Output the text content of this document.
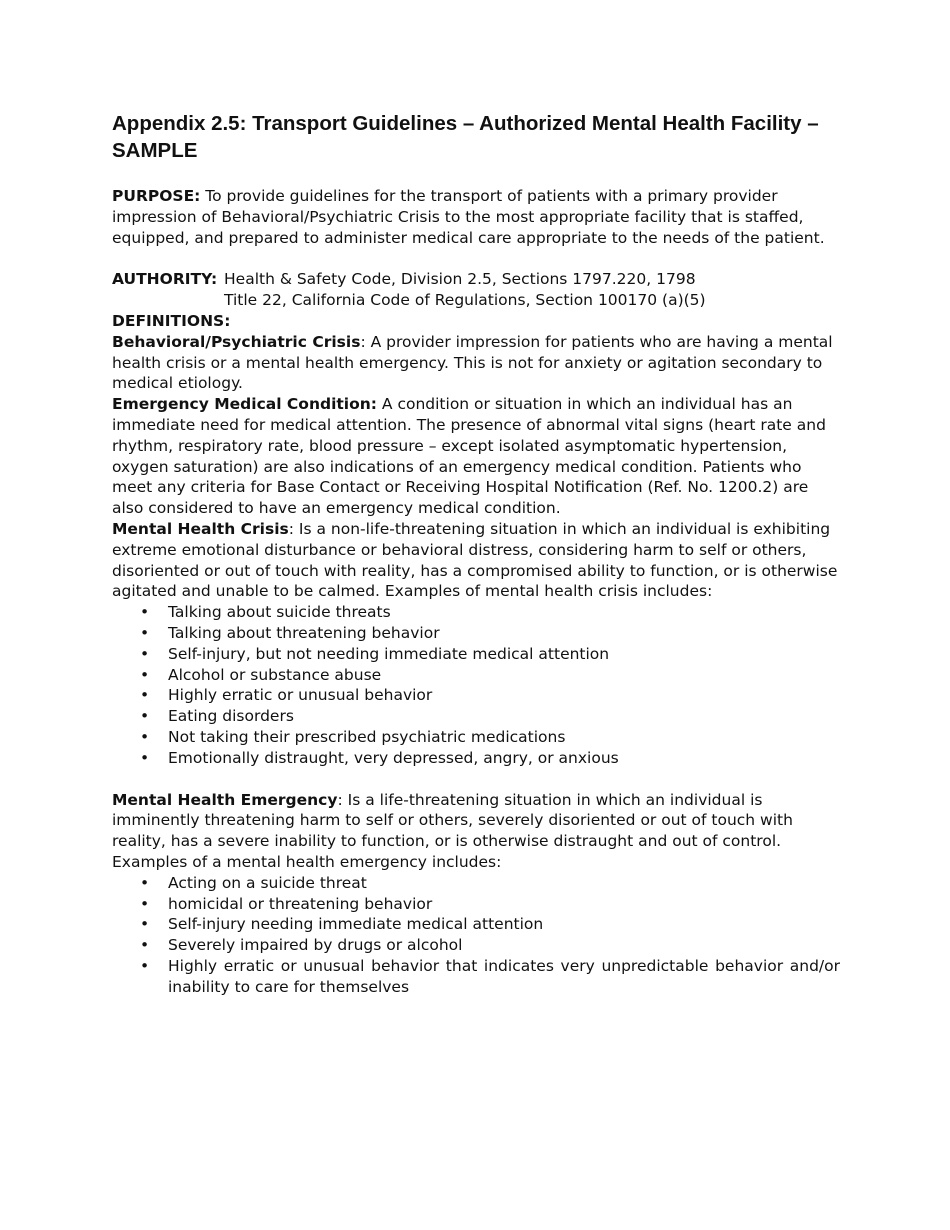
Appendix 2.5: Transport Guidelines – Authorized Mental Health Facility – SAMPLE

PURPOSE: To provide guidelines for the transport of patients with a primary provider impression of Behavioral/Psychiatric Crisis to the most appropriate facility that is staffed, equipped, and prepared to administer medical care appropriate to the needs of the patient.

AUTHORITY: Health & Safety Code, Division 2.5, Sections 1797.220, 1798
Title 22, California Code of Regulations, Section 100170 (a)(5)
DEFINITIONS:

Behavioral/Psychiatric Crisis: A provider impression for patients who are having a mental health crisis or a mental health emergency. This is not for anxiety or agitation secondary to medical etiology.

Emergency Medical Condition: A condition or situation in which an individual has an immediate need for medical attention. The presence of abnormal vital signs (heart rate and rhythm, respiratory rate, blood pressure – except isolated asymptomatic hypertension, oxygen saturation) are also indications of an emergency medical condition. Patients who meet any criteria for Base Contact or Receiving Hospital Notification (Ref. No. 1200.2) are also considered to have an emergency medical condition.

Mental Health Crisis: Is a non-life-threatening situation in which an individual is exhibiting extreme emotional disturbance or behavioral distress, considering harm to self or others, disoriented or out of touch with reality, has a compromised ability to function, or is otherwise agitated and unable to be calmed. Examples of mental health crisis includes:

• Talking about suicide threats
• Talking about threatening behavior
• Self-injury, but not needing immediate medical attention
• Alcohol or substance abuse
• Highly erratic or unusual behavior
• Eating disorders
• Not taking their prescribed psychiatric medications
• Emotionally distraught, very depressed, angry, or anxious

Mental Health Emergency: Is a life-threatening situation in which an individual is imminently threatening harm to self or others, severely disoriented or out of touch with reality, has a severe inability to function, or is otherwise distraught and out of control. Examples of a mental health emergency includes:

• Acting on a suicide threat
• homicidal or threatening behavior
• Self-injury needing immediate medical attention
• Severely impaired by drugs or alcohol
• Highly erratic or unusual behavior that indicates very unpredictable behavior and/or inability to care for themselves
